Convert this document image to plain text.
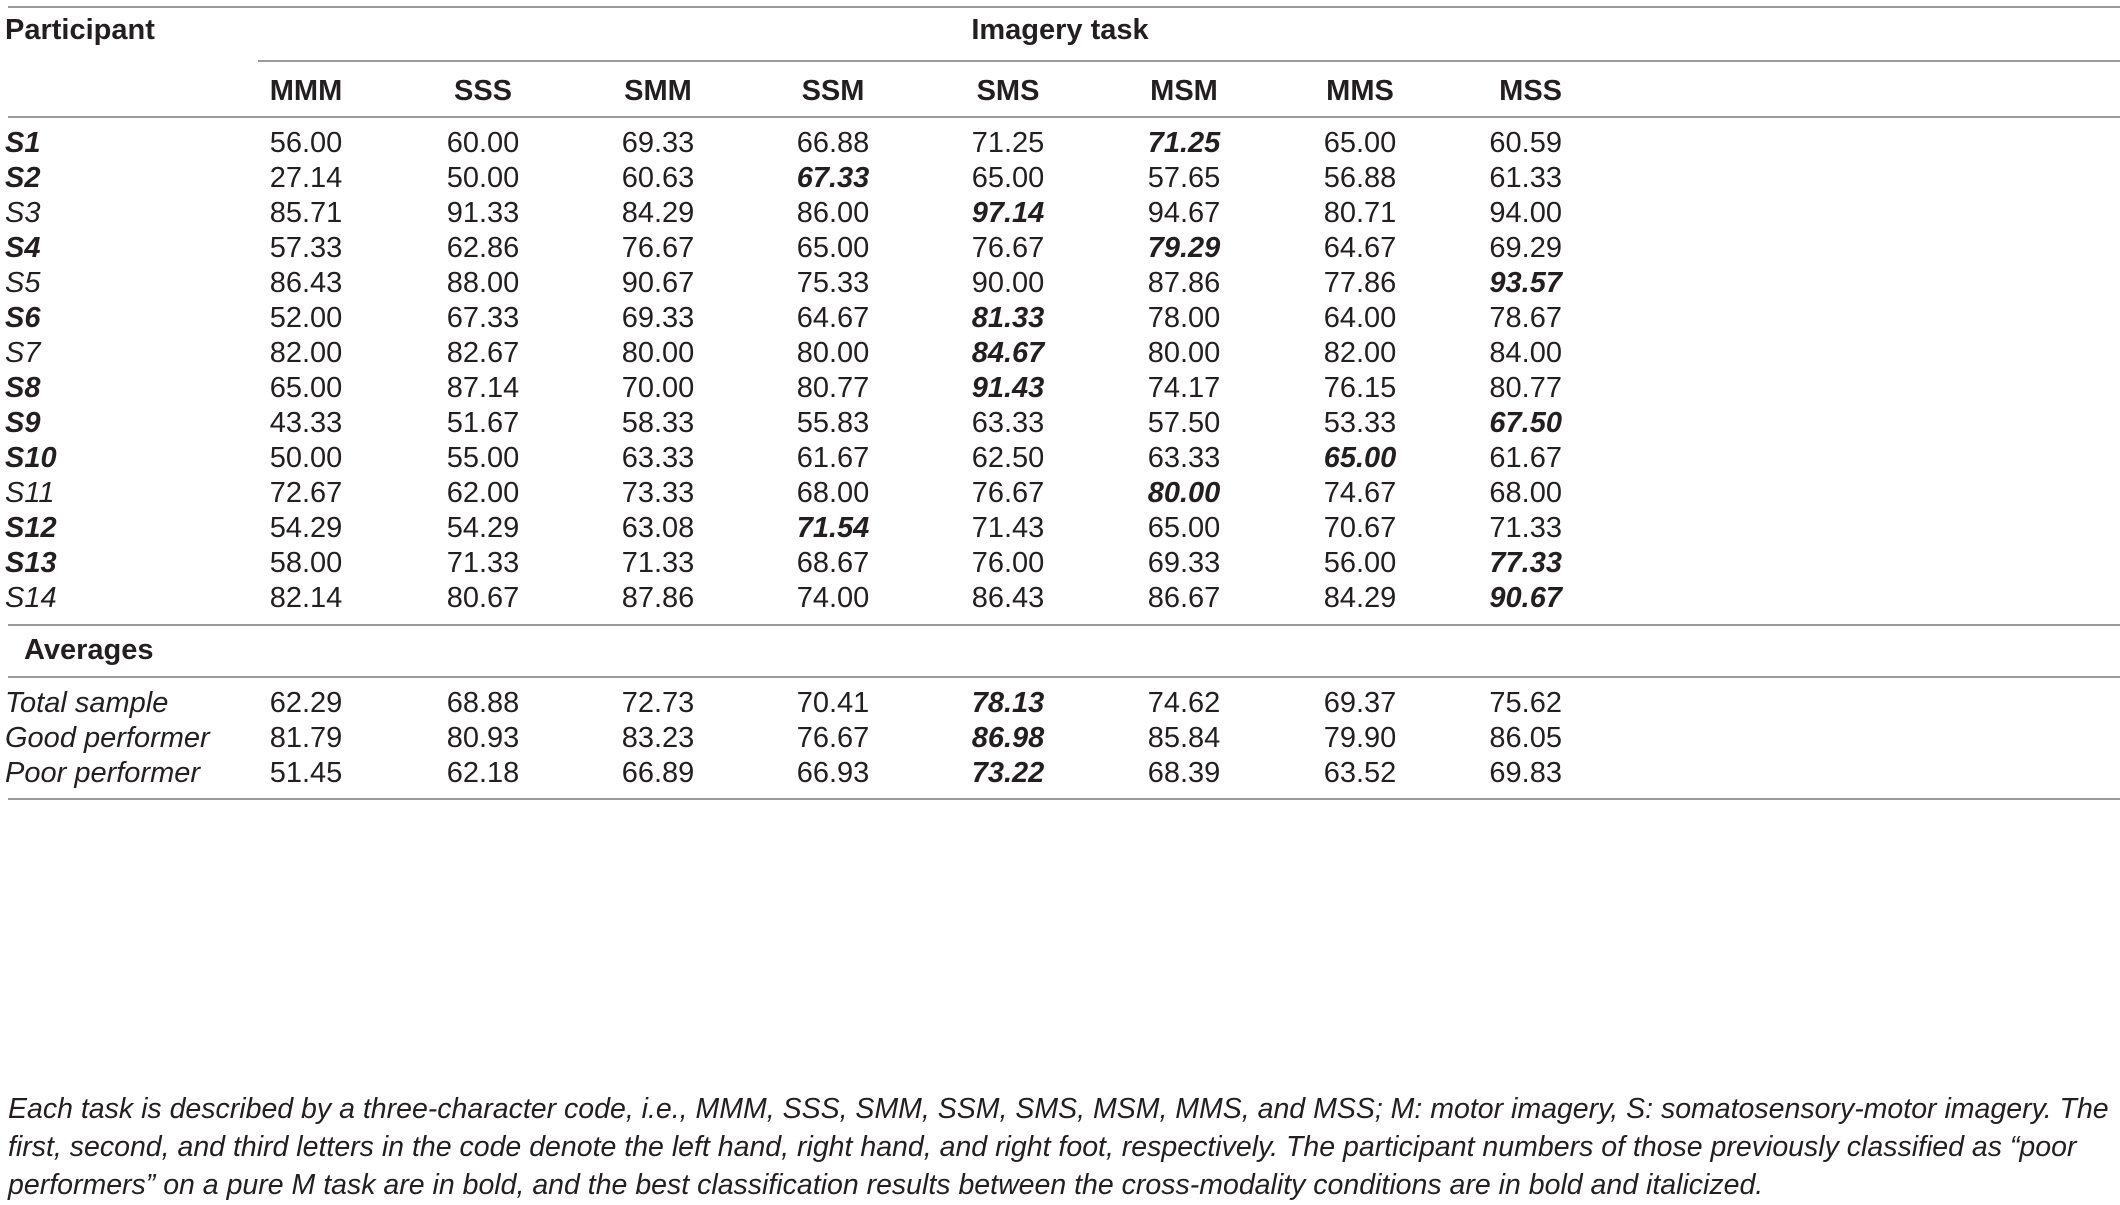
Participant	Imagery task
MMM	SSS	SMM	SSM	SMS	MSM	MMS	MSS
S1	56.00	60.00	69.33	66.88	71.25	71.25	65.00	60.59
S2	27.14	50.00	60.63	67.33	65.00	57.65	56.88	61.33
S3	85.71	91.33	84.29	86.00	97.14	94.67	80.71	94.00
S4	57.33	62.86	76.67	65.00	76.67	79.29	64.67	69.29
S5	86.43	88.00	90.67	75.33	90.00	87.86	77.86	93.57
S6	52.00	67.33	69.33	64.67	81.33	78.00	64.00	78.67
S7	82.00	82.67	80.00	80.00	84.67	80.00	82.00	84.00
S8	65.00	87.14	70.00	80.77	91.43	74.17	76.15	80.77
S9	43.33	51.67	58.33	55.83	63.33	57.50	53.33	67.50
S10	50.00	55.00	63.33	61.67	62.50	63.33	65.00	61.67
S11	72.67	62.00	73.33	68.00	76.67	80.00	74.67	68.00
S12	54.29	54.29	63.08	71.54	71.43	65.00	70.67	71.33
S13	58.00	71.33	71.33	68.67	76.00	69.33	56.00	77.33
S14	82.14	80.67	87.86	74.00	86.43	86.67	84.29	90.67
Averages
Total sample	62.29	68.88	72.73	70.41	78.13	74.62	69.37	75.62
Good performer	81.79	80.93	83.23	76.67	86.98	85.84	79.90	86.05
Poor performer	51.45	62.18	66.89	66.93	73.22	68.39	63.52	69.83
Each task is described by a three-character code, i.e., MMM, SSS, SMM, SSM, SMS, MSM, MMS, and MSS; M: motor imagery, S: somatosensory-motor imagery. The first, second, and third letters in the code denote the left hand, right hand, and right foot, respectively. The participant numbers of those previously classified as “poor performers” on a pure M task are in bold, and the best classification results between the cross-modality conditions are in bold and italicized.
